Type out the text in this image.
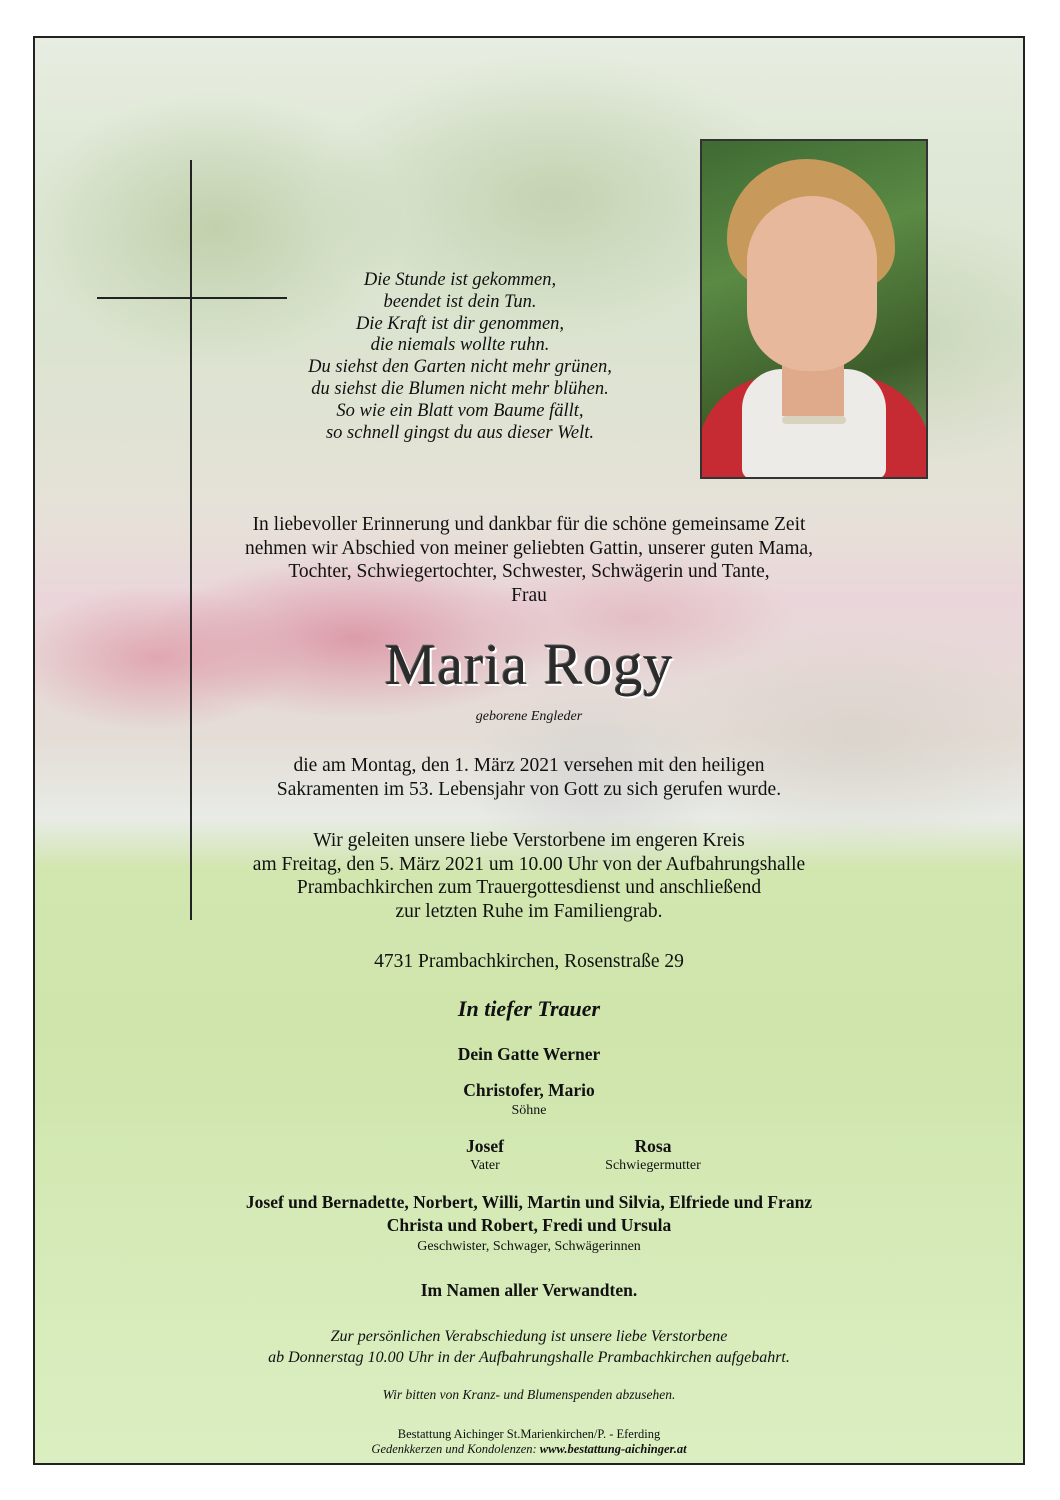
Die Stunde ist gekommen,
beendet ist dein Tun.
Die Kraft ist dir genommen,
die niemals wollte ruhn.
Du siehst den Garten nicht mehr grünen,
du siehst die Blumen nicht mehr blühen.
So wie ein Blatt vom Baume fällt,
so schnell gingst du aus dieser Welt.
In liebevoller Erinnerung und dankbar für die schöne gemeinsame Zeit
nehmen wir Abschied von meiner geliebten Gattin, unserer guten Mama,
Tochter, Schwiegertochter, Schwester, Schwägerin und Tante,
Frau
Maria Rogy
geborene Engleder
die am Montag, den 1. März 2021 versehen mit den heiligen
Sakramenten im 53. Lebensjahr von Gott zu sich gerufen wurde.
Wir geleiten unsere liebe Verstorbene im engeren Kreis
am Freitag, den 5. März 2021 um 10.00 Uhr von der Aufbahrungshalle
Prambachkirchen zum Trauergottesdienst und anschließend
zur letzten Ruhe im Familiengrab.
4731 Prambachkirchen, Rosenstraße 29
In tiefer Trauer
Dein Gatte Werner
Christofer, Mario
Söhne
Josef
Vater
Rosa
Schwiegermutter
Josef und Bernadette, Norbert, Willi, Martin und Silvia, Elfriede und Franz
Christa und Robert, Fredi und Ursula
Geschwister, Schwager, Schwägerinnen
Im Namen aller Verwandten.
Zur persönlichen Verabschiedung ist unsere liebe Verstorbene
ab Donnerstag 10.00 Uhr in der Aufbahrungshalle Prambachkirchen aufgebahrt.
Wir bitten von Kranz- und Blumenspenden abzusehen.
Bestattung Aichinger St.Marienkirchen/P. - Eferding
Gedenkkerzen und Kondolenzen: www.bestattung-aichinger.at
